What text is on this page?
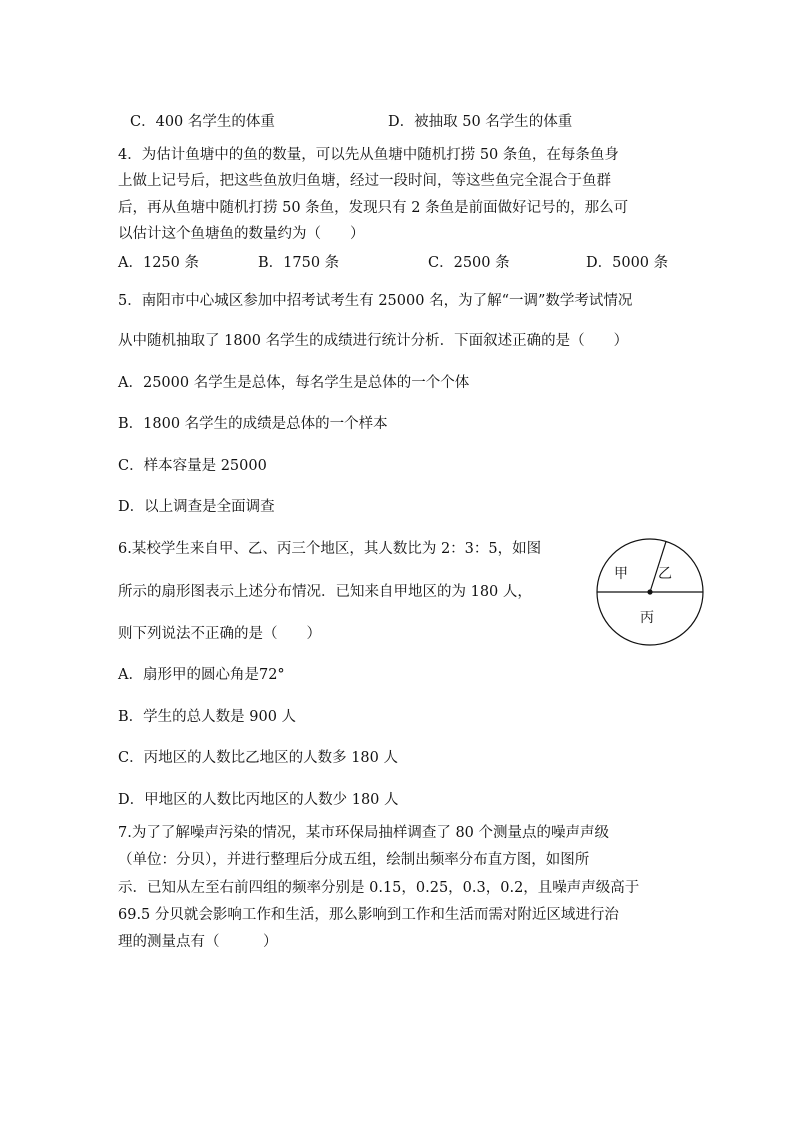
C．400 名学生的体重	D．被抽取 50 名学生的体重
4．为估计鱼塘中的鱼的数量，可以先从鱼塘中随机打捞 50 条鱼，在每条鱼身
上做上记号后，把这些鱼放归鱼塘，经过一段时间，等这些鱼完全混合于鱼群
后，再从鱼塘中随机打捞 50 条鱼，发现只有 2 条鱼是前面做好记号的，那么可
以估计这个鱼塘鱼的数量约为（　　）
A．1250 条	B．1750 条	C．2500 条	D．5000 条
5．南阳市中心城区参加中招考试考生有 25000 名，为了解“一调”数学考试情况
从中随机抽取了 1800 名学生的成绩进行统计分析．下面叙述正确的是（　　）
A．25000 名学生是总体，每名学生是总体的一个个体
B．1800 名学生的成绩是总体的一个样本
C．样本容量是 25000
D．以上调查是全面调查
6.某校学生来自甲、乙、丙三个地区，其人数比为 2：3：5，如图
所示的扇形图表示上述分布情况．已知来自甲地区的为 180 人，
则下列说法不正确的是（　　）
甲 乙
丙
A．扇形甲的圆心角是72°
B．学生的总人数是 900 人
C．丙地区的人数比乙地区的人数多 180 人
D．甲地区的人数比丙地区的人数少 180 人
7.为了了解噪声污染的情况，某市环保局抽样调查了 80 个测量点的噪声声级
（单位：分贝），并进行整理后分成五组，绘制出频率分布直方图，如图所
示．已知从左至右前四组的频率分别是 0.15，0.25，0.3，0.2，且噪声声级高于
69.5 分贝就会影响工作和生活，那么影响到工作和生活而需对附近区域进行治
理的测量点有（　　　）
